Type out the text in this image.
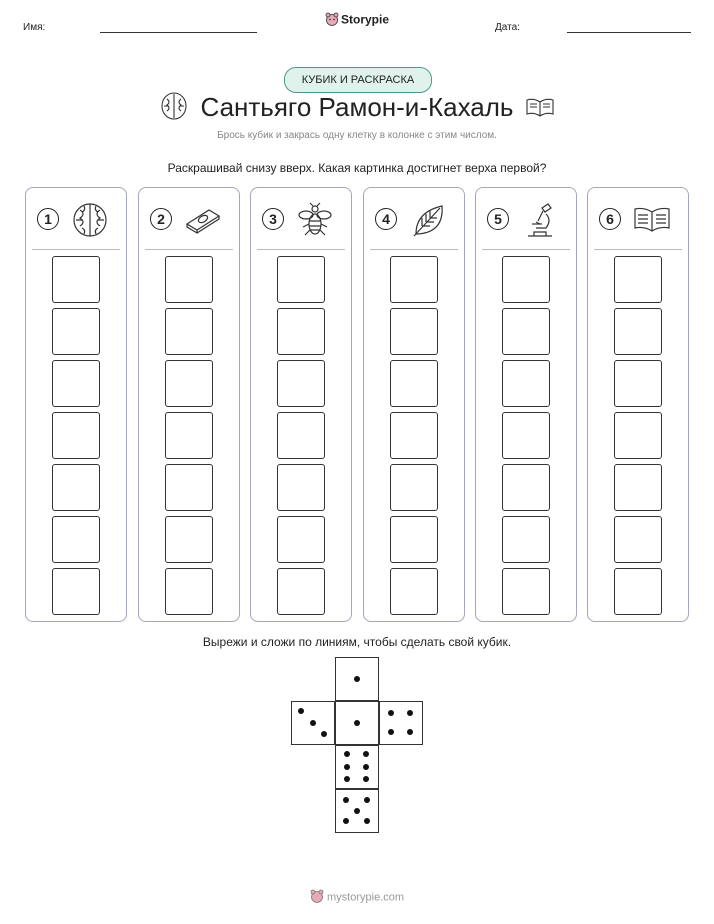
Имя:	Дата:
Storypie
КУБИК И РАСКРАСКА
Сантьяго Рамон-и-Кахаль
Брось кубик и закрась одну клетку в колонке с этим числом.
Раскрашивай снизу вверх. Какая картинка достигнет верха первой?
1	2	3	4	5	6
Вырежи и сложи по линиям, чтобы сделать свой кубик.
mystorypie.com
